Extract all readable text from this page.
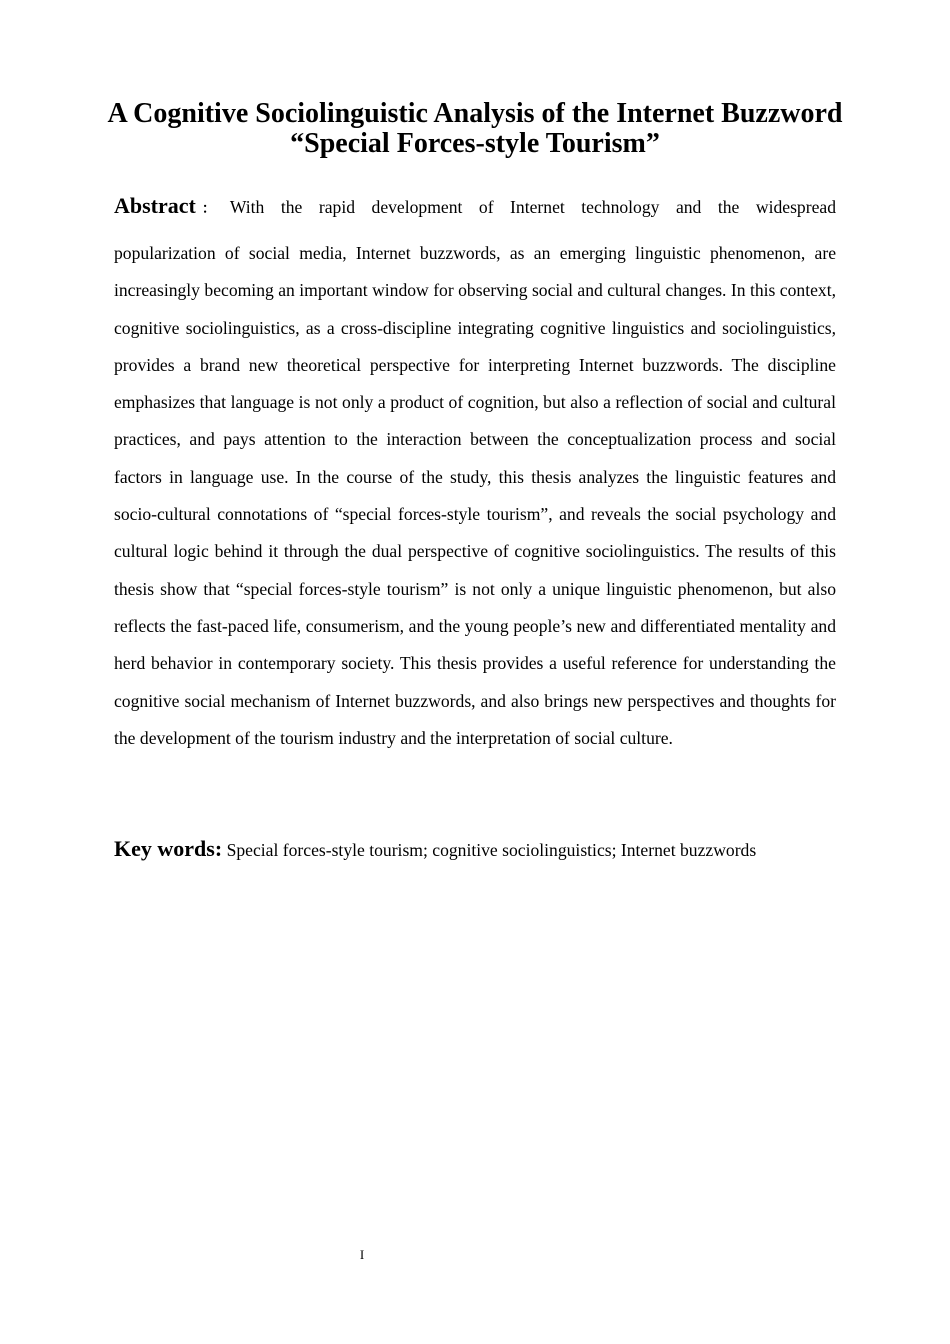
A Cognitive Sociolinguistic Analysis of the Internet Buzzword “Special Forces-style Tourism”
Abstract ： With the rapid development of Internet technology and the widespread

popularization of social media, Internet buzzwords, as an emerging linguistic phenomenon, are increasingly becoming an important window for observing social and cultural changes. In this context, cognitive sociolinguistics, as a cross-discipline integrating cognitive linguistics and sociolinguistics, provides a brand new theoretical perspective for interpreting Internet buzzwords. The discipline emphasizes that language is not only a product of cognition, but also a reflection of social and cultural practices, and pays attention to the interaction between the conceptualization process and social factors in language use. In the course of the study, this thesis analyzes the linguistic features and socio-cultural connotations of “special forces-style tourism”, and reveals the social psychology and cultural logic behind it through the dual perspective of cognitive sociolinguistics. The results of this thesis show that “special forces-style tourism” is not only a unique linguistic phenomenon, but also reflects the fast-paced life, consumerism, and the young people’s new and differentiated mentality and herd behavior in contemporary society. This thesis provides a useful reference for understanding the cognitive social mechanism of Internet buzzwords, and also brings new perspectives and thoughts for the development of the tourism industry and the interpretation of social culture.

Key words: Special forces-style tourism; cognitive sociolinguistics; Internet buzzwords
I
